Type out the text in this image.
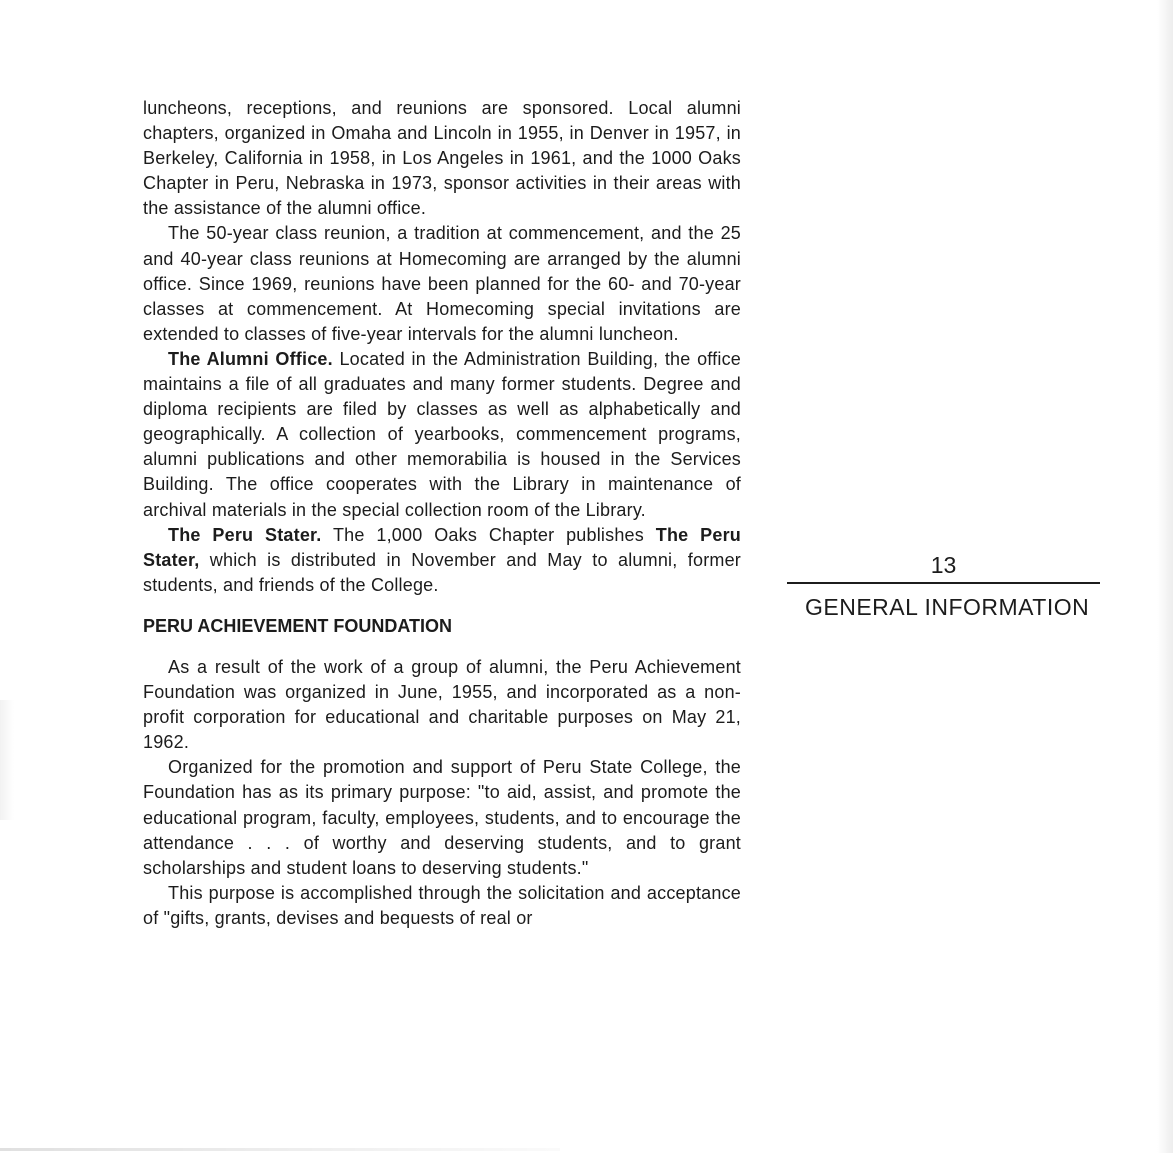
luncheons, receptions, and reunions are sponsored. Local alumni chapters, organized in Omaha and Lincoln in 1955, in Denver in 1957, in Berkeley, California in 1958, in Los Angeles in 1961, and the 1000 Oaks Chapter in Peru, Nebraska in 1973, sponsor activities in their areas with the assistance of the alumni office.

The 50-year class reunion, a tradition at commencement, and the 25 and 40-year class reunions at Homecoming are arranged by the alumni office. Since 1969, reunions have been planned for the 60- and 70-year classes at commencement. At Homecoming special invitations are extended to classes of five-year intervals for the alumni luncheon.

The Alumni Office. Located in the Administration Building, the office maintains a file of all graduates and many former students. Degree and diploma recipients are filed by classes as well as alphabetically and geographically. A collection of yearbooks, commencement programs, alumni publications and other memorabilia is housed in the Services Building. The office cooperates with the Library in maintenance of archival materials in the special collection room of the Library.

The Peru Stater. The 1,000 Oaks Chapter publishes The Peru Stater, which is distributed in November and May to alumni, former students, and friends of the College.

PERU ACHIEVEMENT FOUNDATION

As a result of the work of a group of alumni, the Peru Achievement Foundation was organized in June, 1955, and incorporated as a non-profit corporation for educational and charitable purposes on May 21, 1962.

Organized for the promotion and support of Peru State College, the Foundation has as its primary purpose: "to aid, assist, and promote the educational program, faculty, employees, students, and to encourage the attendance . . . of worthy and deserving students, and to grant scholarships and student loans to deserving students."

This purpose is accomplished through the solicitation and acceptance of "gifts, grants, devises and bequests of real or

13
GENERAL INFORMATION
